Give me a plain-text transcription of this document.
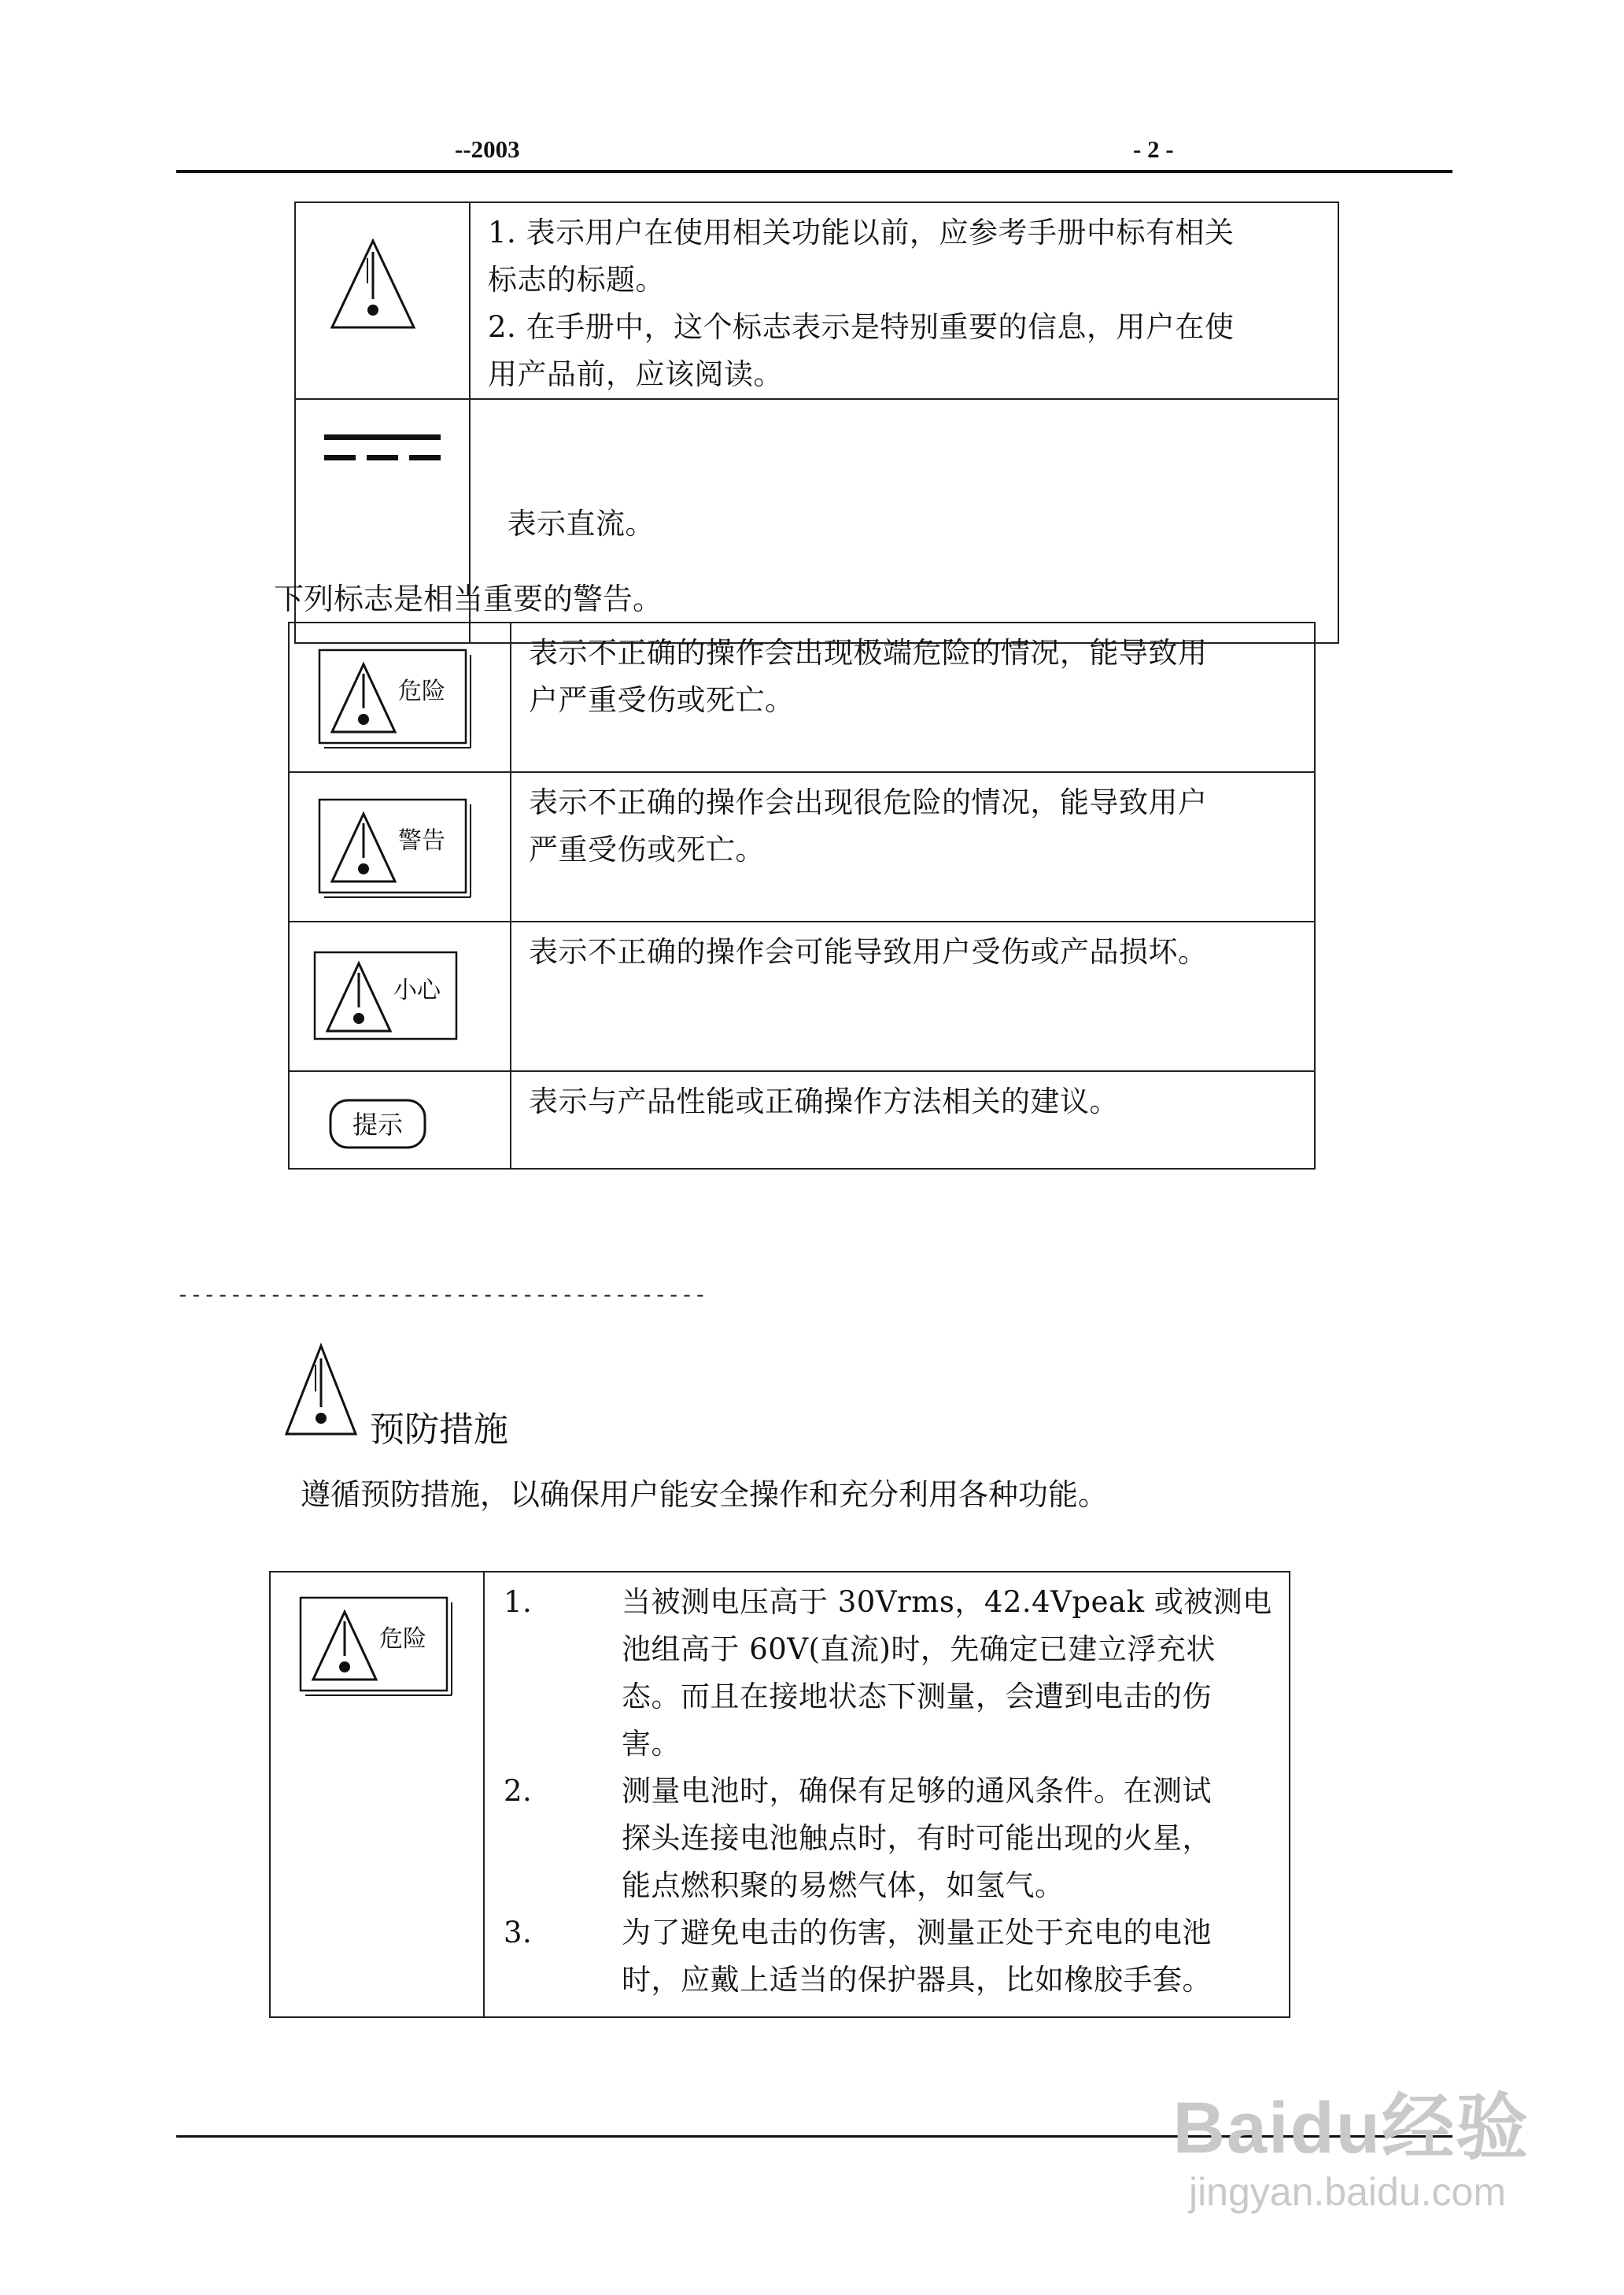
--2003	- 2 -

1. 表示用户在使用相关功能以前，应参考手册中标有相关

标志的标题。

2. 在手册中，这个标志表示是特别重要的信息，用户在使

用产品前，应该阅读。

表示直流。

下列标志是相当重要的警告。
危险	表示不正确的操作会出现极端危险的情况，能导致用

户严重受伤或死亡。

警告	表示不正确的操作会出现很危险的情况，能导致用户

严重受伤或死亡。

小心	表示不正确的操作会可能导致用户受伤或产品损坏。

提示	表示与产品性能或正确操作方法相关的建议。

----------------------------------------
预防措施
遵循预防措施，以确保用户能安全操作和充分利用各种功能。
危险

1.	当被测电压高于 30Vrms，42.4Vpeak 或被测电

池组高于 60V(直流)时，先确定已建立浮充状

态。而且在接地状态下测量，会遭到电击的伤

害。

2.	测量电池时，确保有足够的通风条件。在测试

探头连接电池触点时，有时可能出现的火星，

能点燃积聚的易燃气体，如氢气。

3.	为了避免电击的伤害，测量正处于充电的电池

时，应戴上适当的保护器具，比如橡胶手套。

Baidu经验
jingyan.baidu.com
